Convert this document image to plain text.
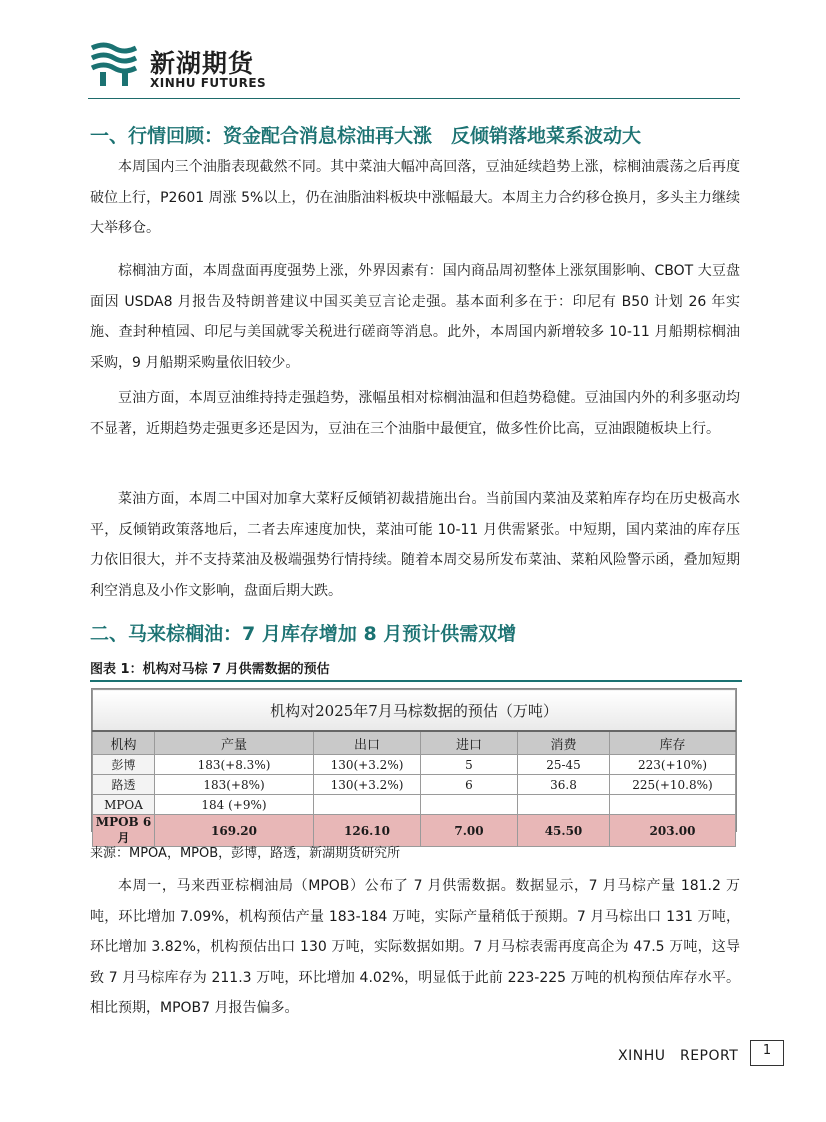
新湖期货
XINHU FUTURES
一、行情回顾：资金配合消息棕油再大涨　反倾销落地菜系波动大

本周国内三个油脂表现截然不同。其中菜油大幅冲高回落，豆油延续趋势上涨，棕榈油震荡之后再度破位上行，P2601 周涨 5%以上，仍在油脂油料板块中涨幅最大。本周主力合约移仓换月，多头主力继续大举移仓。

棕榈油方面，本周盘面再度强势上涨，外界因素有：国内商品周初整体上涨氛围影响、CBOT 大豆盘面因 USDA8 月报告及特朗普建议中国买美豆言论走强。基本面利多在于：印尼有 B50 计划 26 年实施、查封种植园、印尼与美国就零关税进行磋商等消息。此外，本周国内新增较多 10-11 月船期棕榈油采购，9 月船期采购量依旧较少。

豆油方面，本周豆油维持持走强趋势，涨幅虽相对棕榈油温和但趋势稳健。豆油国内外的利多驱动均不显著，近期趋势走强更多还是因为，豆油在三个油脂中最便宜，做多性价比高，豆油跟随板块上行。

菜油方面，本周二中国对加拿大菜籽反倾销初裁措施出台。当前国内菜油及菜粕库存均在历史极高水平，反倾销政策落地后，二者去库速度加快，菜油可能 10-11 月供需紧张。中短期，国内菜油的库存压力依旧很大，并不支持菜油及极端强势行情持续。随着本周交易所发布菜油、菜粕风险警示函，叠加短期利空消息及小作文影响，盘面后期大跌。

二、马来棕榈油：7 月库存增加 8 月预计供需双增
图表 1：机构对马棕 7 月供需数据的预估
机构对2025年7月马棕数据的预估（万吨）					
机构	产量	出口	进口	消费	库存
彭博	183(+8.3%)	130(+3.2%)	5	25-45	223(+10%)
路透	183(+8%)	130(+3.2%)	6	36.8	225(+10.8%)
MPOA	184 (+9%)				
MPOB 6月	169.20	126.10	7.00	45.50	203.00
来源：MPOA，MPOB，彭博，路透，新湖期货研究所

本周一，马来西亚棕榈油局（MPOB）公布了 7 月供需数据。数据显示，7 月马棕产量 181.2 万吨，环比增加 7.09%，机构预估产量 183-184 万吨，实际产量稍低于预期。7 月马棕出口 131 万吨，环比增加 3.82%，机构预估出口 130 万吨，实际数据如期。7 月马棕表需再度高企为 47.5 万吨，这导致 7 月马棕库存为 211.3 万吨，环比增加 4.02%，明显低于此前 223-225 万吨的机构预估库存水平。相比预期，MPOB7 月报告偏多。

XINHU　REPORT	1
